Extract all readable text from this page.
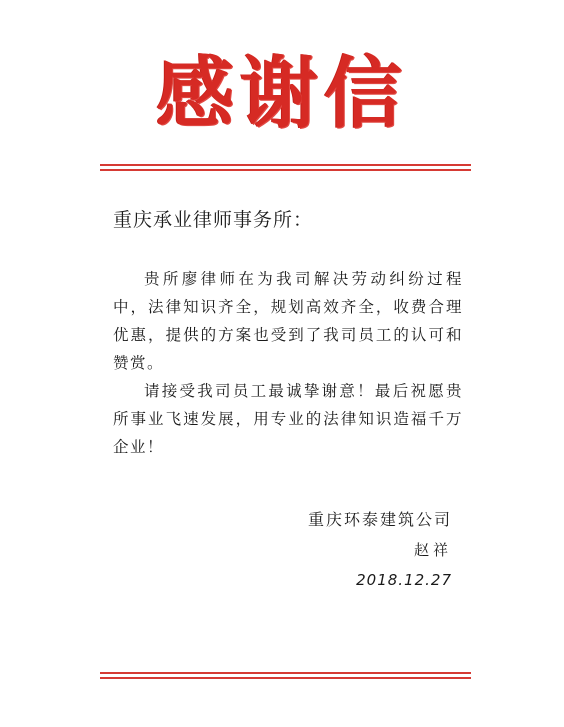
感谢信
重庆承业律师事务所：

贵所廖律师在为我司解决劳动纠纷过程中，法律知识齐全，规划高效齐全，收费合理优惠，提供的方案也受到了我司员工的认可和赞赏。

请接受我司员工最诚挚谢意！最后祝愿贵所事业飞速发展，用专业的法律知识造福千万企业！

重庆环泰建筑公司
赵祥
2018.12.27
